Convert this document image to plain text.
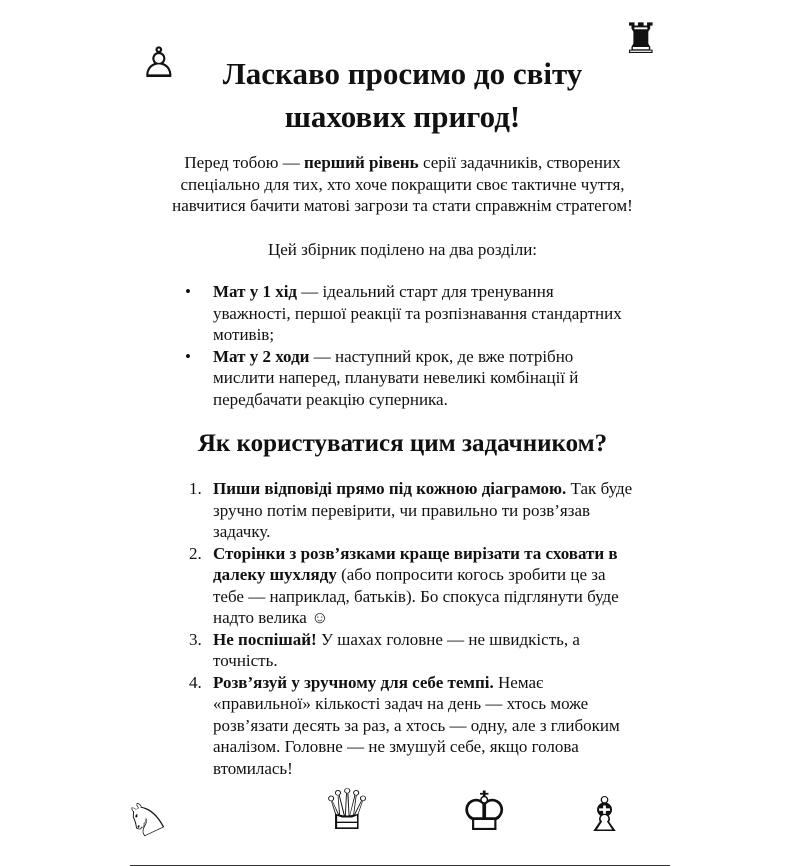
♙	♜
Ласкаво просимо до світу шахових пригод!

Перед тобою — перший рівень серії задачників, створених спеціально для тих, хто хоче покращити своє тактичне чуття, навчитися бачити матові загрози та стати справжнім стратегом!

Цей збірник поділено на два розділи:
• Мат у 1 хід — ідеальний старт для тренування уважності, першої реакції та розпізнавання стандартних мотивів;
• Мат у 2 ходи — наступний крок, де вже потрібно мислити наперед, планувати невеликі комбінації й передбачати реакцію суперника.
Як користуватися цим задачником?
1. Пиши відповіді прямо під кожною діаграмою. Так буде зручно потім перевірити, чи правильно ти розв’язав задачку.
2. Сторінки з розв’язками краще вирізати та сховати в далеку шухляду (або попросити когось зробити це за тебе — наприклад, батьків). Бо спокуса підглянути буде надто велика ☺
3. Не поспішай! У шахах головне — не швидкість, а точність.
4. Розв’язуй у зручному для себе темпі. Немає «правильної» кількості задач на день — хтось може розв’язати десять за раз, а хтось — одну, але з глибоким аналізом. Головне — не змушуй себе, якщо голова втомилась!
♘	♕ ♔ ♗
